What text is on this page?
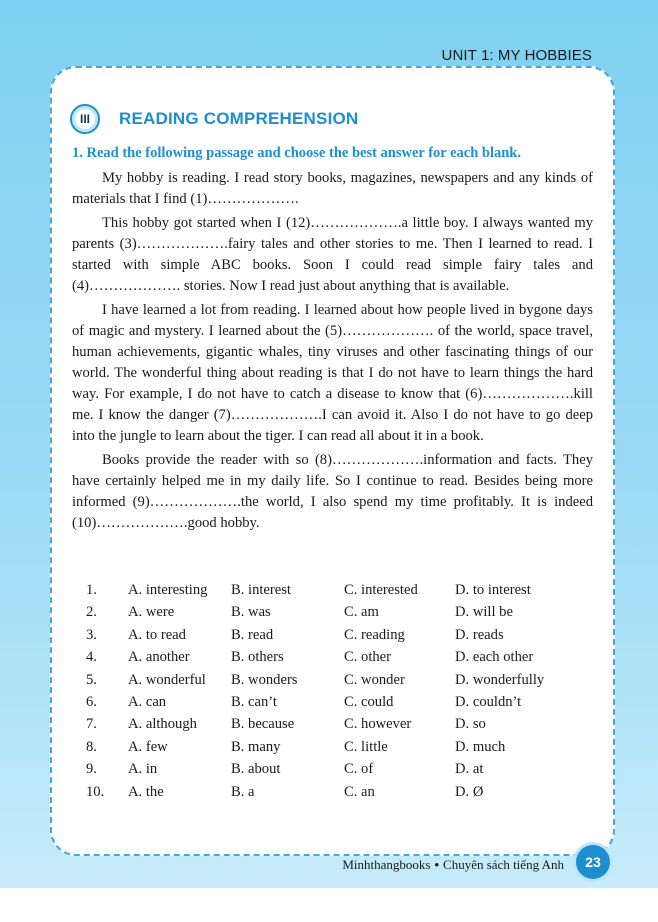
UNIT 1: MY HOBBIES
III READING COMPREHENSION
1. Read the following passage and choose the best answer for each blank.

My hobby is reading. I read story books, magazines, newspapers and any kinds of materials that I find (1)……………….

This hobby got started when I (12)……………….a little boy. I always wanted my parents (3)……………….fairy tales and other stories to me. Then I learned to read. I started with simple ABC books. Soon I could read simple fairy tales and (4)………………. stories. Now I read just about anything that is available.

I have learned a lot from reading. I learned about how people lived in bygone days of magic and mystery. I learned about the (5)………………. of the world, space travel, human achievements, gigantic whales, tiny viruses and other fascinating things of our world. The wonderful thing about reading is that I do not have to learn things the hard way. For example, I do not have to catch a disease to know that (6)……………….kill me. I know the danger (7)……………….I can avoid it. Also I do not have to go deep into the jungle to learn about the tiger. I can read all about it in a book.

Books provide the reader with so (8)……………….information and facts. They have certainly helped me in my daily life. So I continue to read. Besides being more informed (9)……………….the world, I also spend my time profitably. It is indeed (10)……………….good hobby.

1.	A. interesting	B. interest	C. interested	D. to interest
2.	A. were	B. was	C. am	D. will be
3.	A. to read	B. read	C. reading	D. reads
4.	A. another	B. others	C. other	D. each other
5.	A. wonderful	B. wonders	C. wonder	D. wonderfully
6.	A. can	B. can’t	C. could	D. couldn’t
7.	A. although	B. because	C. however	D. so
8.	A. few	B. many	C. little	D. much
9.	A. in	B. about	C. of	D. at
10.	A. the	B. a	C. an	D. Ø
Minhthangbooks • Chuyên sách tiếng Anh	23
